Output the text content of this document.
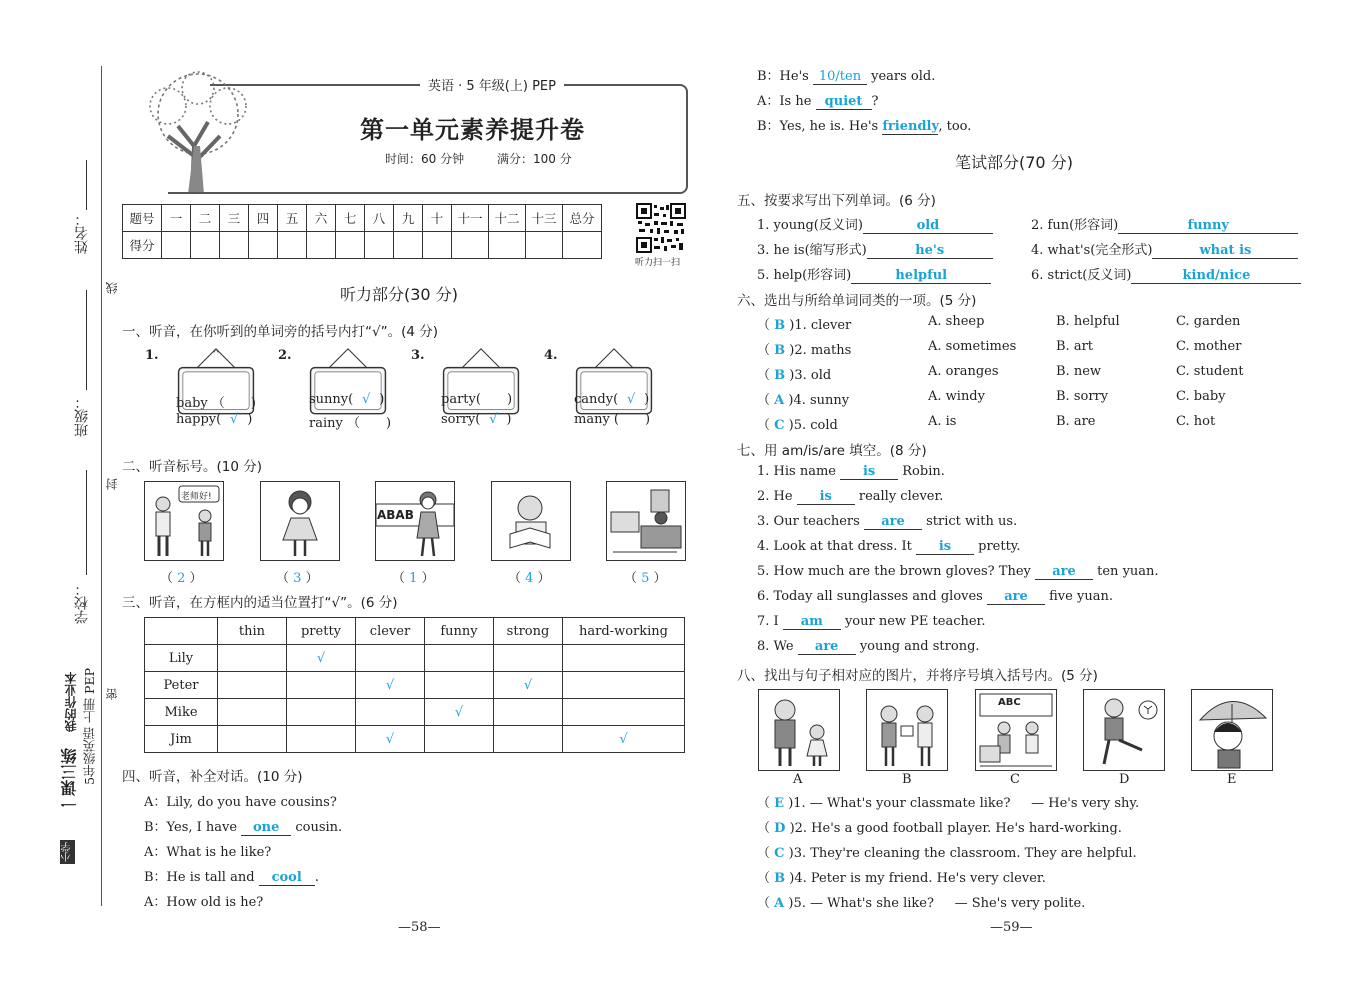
姓名：
线
班级：
封
学校：
密
5年级英语 上册 PEP
我的作业本
一课三练
小学
英语 · 5 年级(上) PEP
第一单元素养提升卷
时间：60 分钟	满分：100 分
题号	一	二	三	四	五	六	七	八	九	十	十一	十二	十三	总分
得分														
听力扫一扫
听力部分(30 分)
一、听音，在你听到的单词旁的括号内打“√”。(4 分)
1.
baby （ )
happy( √ )
2.
sunny( √ )
rainy （ )
3.
party( )
sorry( √ )
4.
candy( √ )
many ( )
二、听音标号。(10 分)
老师好!
ABAB
（ 2 ）	（ 3 ）	（ 1 ）	（ 4 ）	（ 5 ）
三、听音，在方框内的适当位置打“√”。(6 分)
	thin	pretty	clever	funny	strong	hard-working
Lily		√				
Peter			√		√	
Mike				√		
Jim			√			√
四、听音，补全对话。(10 分)
A：Lily, do you have cousins?
B：Yes, I have one cousin.
A：What is he like?
B：He is tall and cool .
A：How old is he?
—58—
B：He's 10/ten years old.
A：Is he quiet ?
B：Yes, he is. He's friendly, too.
笔试部分(70 分)
五、按要求写出下列单词。(6 分)
1. young(反义词)	old	2. fun(形容词)	funny
3. he is(缩写形式)	he's	4. what's(完全形式)	what is
5. help(形容词)	helpful	6. strict(反义词)	kind/nice
六、选出与所给单词同类的一项。(5 分)
（ B )1. clever	A. sheep	B. helpful	C. garden
（ B )2. maths	A. sometimes	B. art	C. mother
（ B )3. old	A. oranges	B. new	C. student
（ A )4. sunny	A. windy	B. sorry	C. baby
（ C )5. cold	A. is	B. are	C. hot
七、用 am/is/are 填空。(8 分)
1. His name is Robin.
2. He is really clever.
3. Our teachers are strict with us.
4. Look at that dress. It is pretty.
5. How much are the brown gloves? They are ten yuan.
6. Today all sunglasses and gloves are five yuan.
7. I am your new PE teacher.
8. We are young and strong.
八、找出与句子相对应的图片，并将序号填入括号内。(5 分)
ABC
A	B	C	D	E
（ E )1. — What's your classmate like?     — He's very shy.
（ D )2. He's a good football player. He's hard-working.
（ C )3. They're cleaning the classroom. They are helpful.
（ B )4. Peter is my friend. He's very clever.
（ A )5. — What's she like?     — She's very polite.
—59—
